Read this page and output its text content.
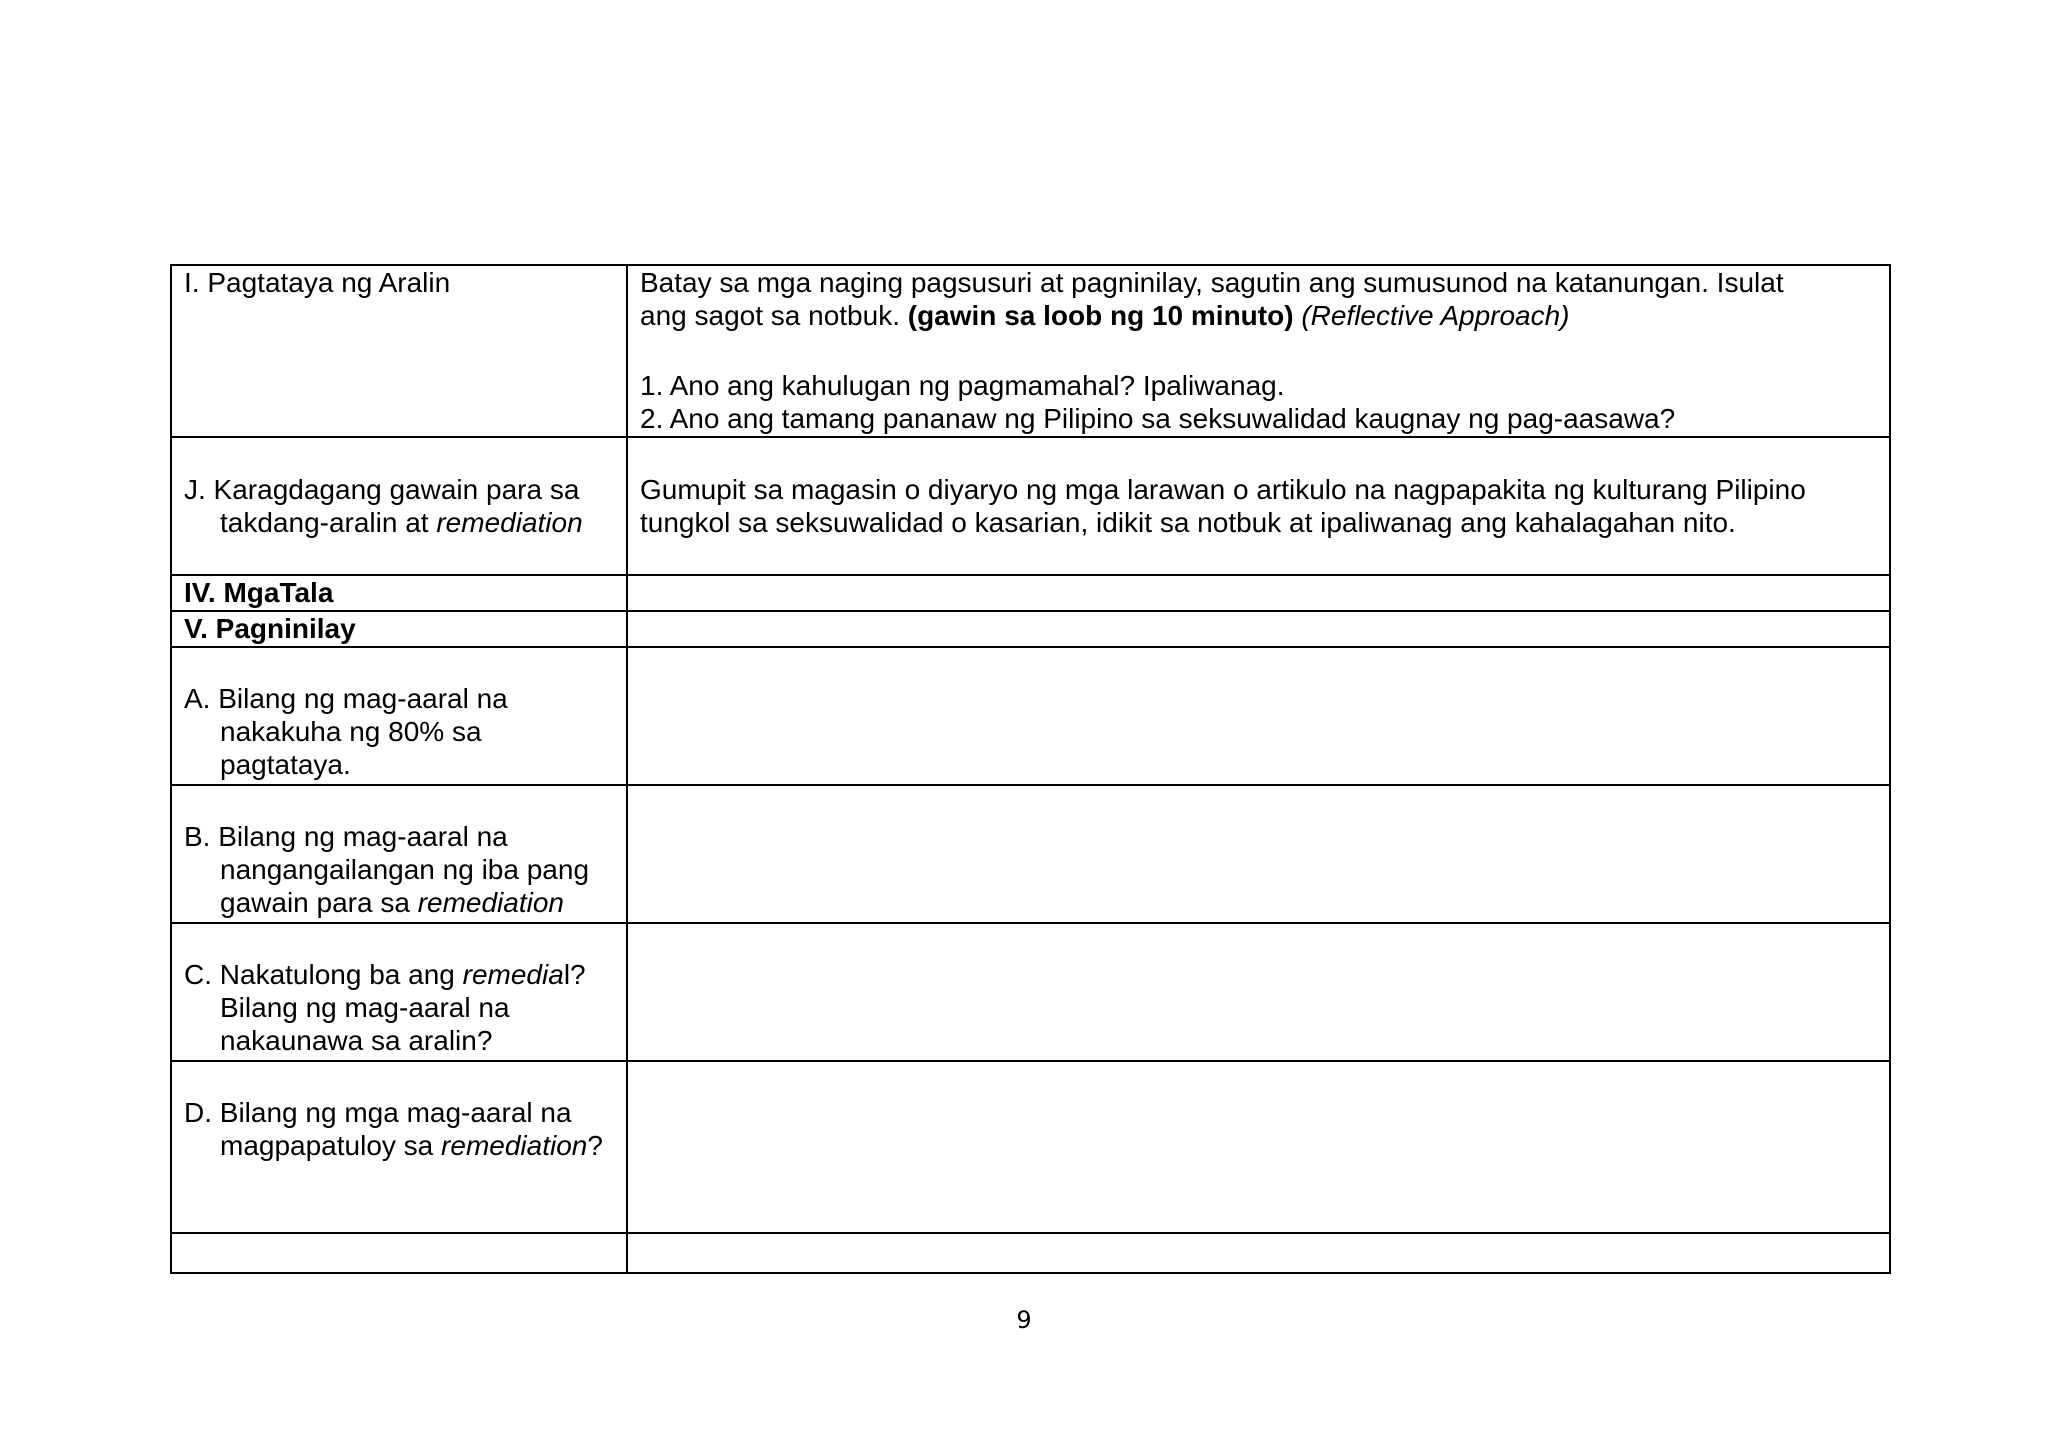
I. Pagtataya ng Aralin	Batay sa mga naging pagsusuri at pagninilay, sagutin ang sumusunod na katanungan. Isulat
ang sagot sa notbuk. (gawin sa loob ng 10 minuto) (Reflective Approach)
1. Ano ang kahulugan ng pagmamahal? Ipaliwanag.
2. Ano ang tamang pananaw ng Pilipino sa seksuwalidad kaugnay ng pag-aasawa?

J. Karagdagang gawain para sa takdang-aralin at remediation	Gumupit sa magasin o diyaryo ng mga larawan o artikulo na nagpapakita ng kulturang Pilipino tungkol sa seksuwalidad o kasarian, idikit sa notbuk at ipaliwanag ang kahalagahan nito.

IV. MgaTala	
V. Pagninilay	

A. Bilang ng mag-aaral na nakakuha ng 80% sa pagtataya.	

B. Bilang ng mag-aaral na nangangailangan ng iba pang gawain para sa remediation	

C. Nakatulong ba ang remedial? Bilang ng mag-aaral na nakaunawa sa aralin?	

D. Bilang ng mga mag-aaral na magpapatuloy sa remediation?	

9
